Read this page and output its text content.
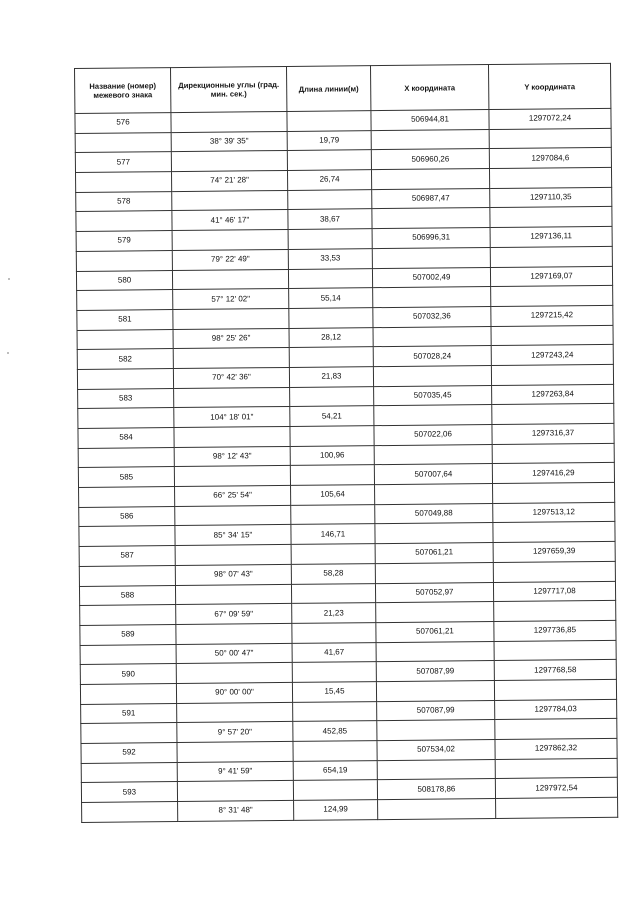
Название (номер) межевого знака	Дирекционные углы (град. мин. сек.)	Длина линии(м)	X координата	Y координата
576			506944,81	1297072,24
	38° 39' 35"	19,79		
577			506960,26	1297084,6
	74° 21' 28"	26,74		
578			506987,47	1297110,35
	41° 46' 17"	38,67		
579			506996,31	1297136,11
	79° 22' 49"	33,53		
580			507002,49	1297169,07
	57° 12' 02"	55,14		
581			507032,36	1297215,42
	98° 25' 26"	28,12		
582			507028,24	1297243,24
	70° 42' 36"	21,83		
583			507035,45	1297263,84
	104° 18' 01"	54,21		
584			507022,06	1297316,37
	98° 12' 43"	100,96		
585			507007,64	1297416,29
	66° 25' 54"	105,64		
586			507049,88	1297513,12
	85° 34' 15"	146,71		
587			507061,21	1297659,39
	98° 07' 43"	58,28		
588			507052,97	1297717,08
	67° 09' 59"	21,23		
589			507061,21	1297736,85
	50° 00' 47"	41,67		
590			507087,99	1297768,58
	90° 00' 00"	15,45		
591			507087,99	1297784,03
	9° 57' 20"	452,85		
592			507534,02	1297862,32
	9° 41' 59"	654,19		
593			508178,86	1297972,54
	8° 31' 48"	124,99		
